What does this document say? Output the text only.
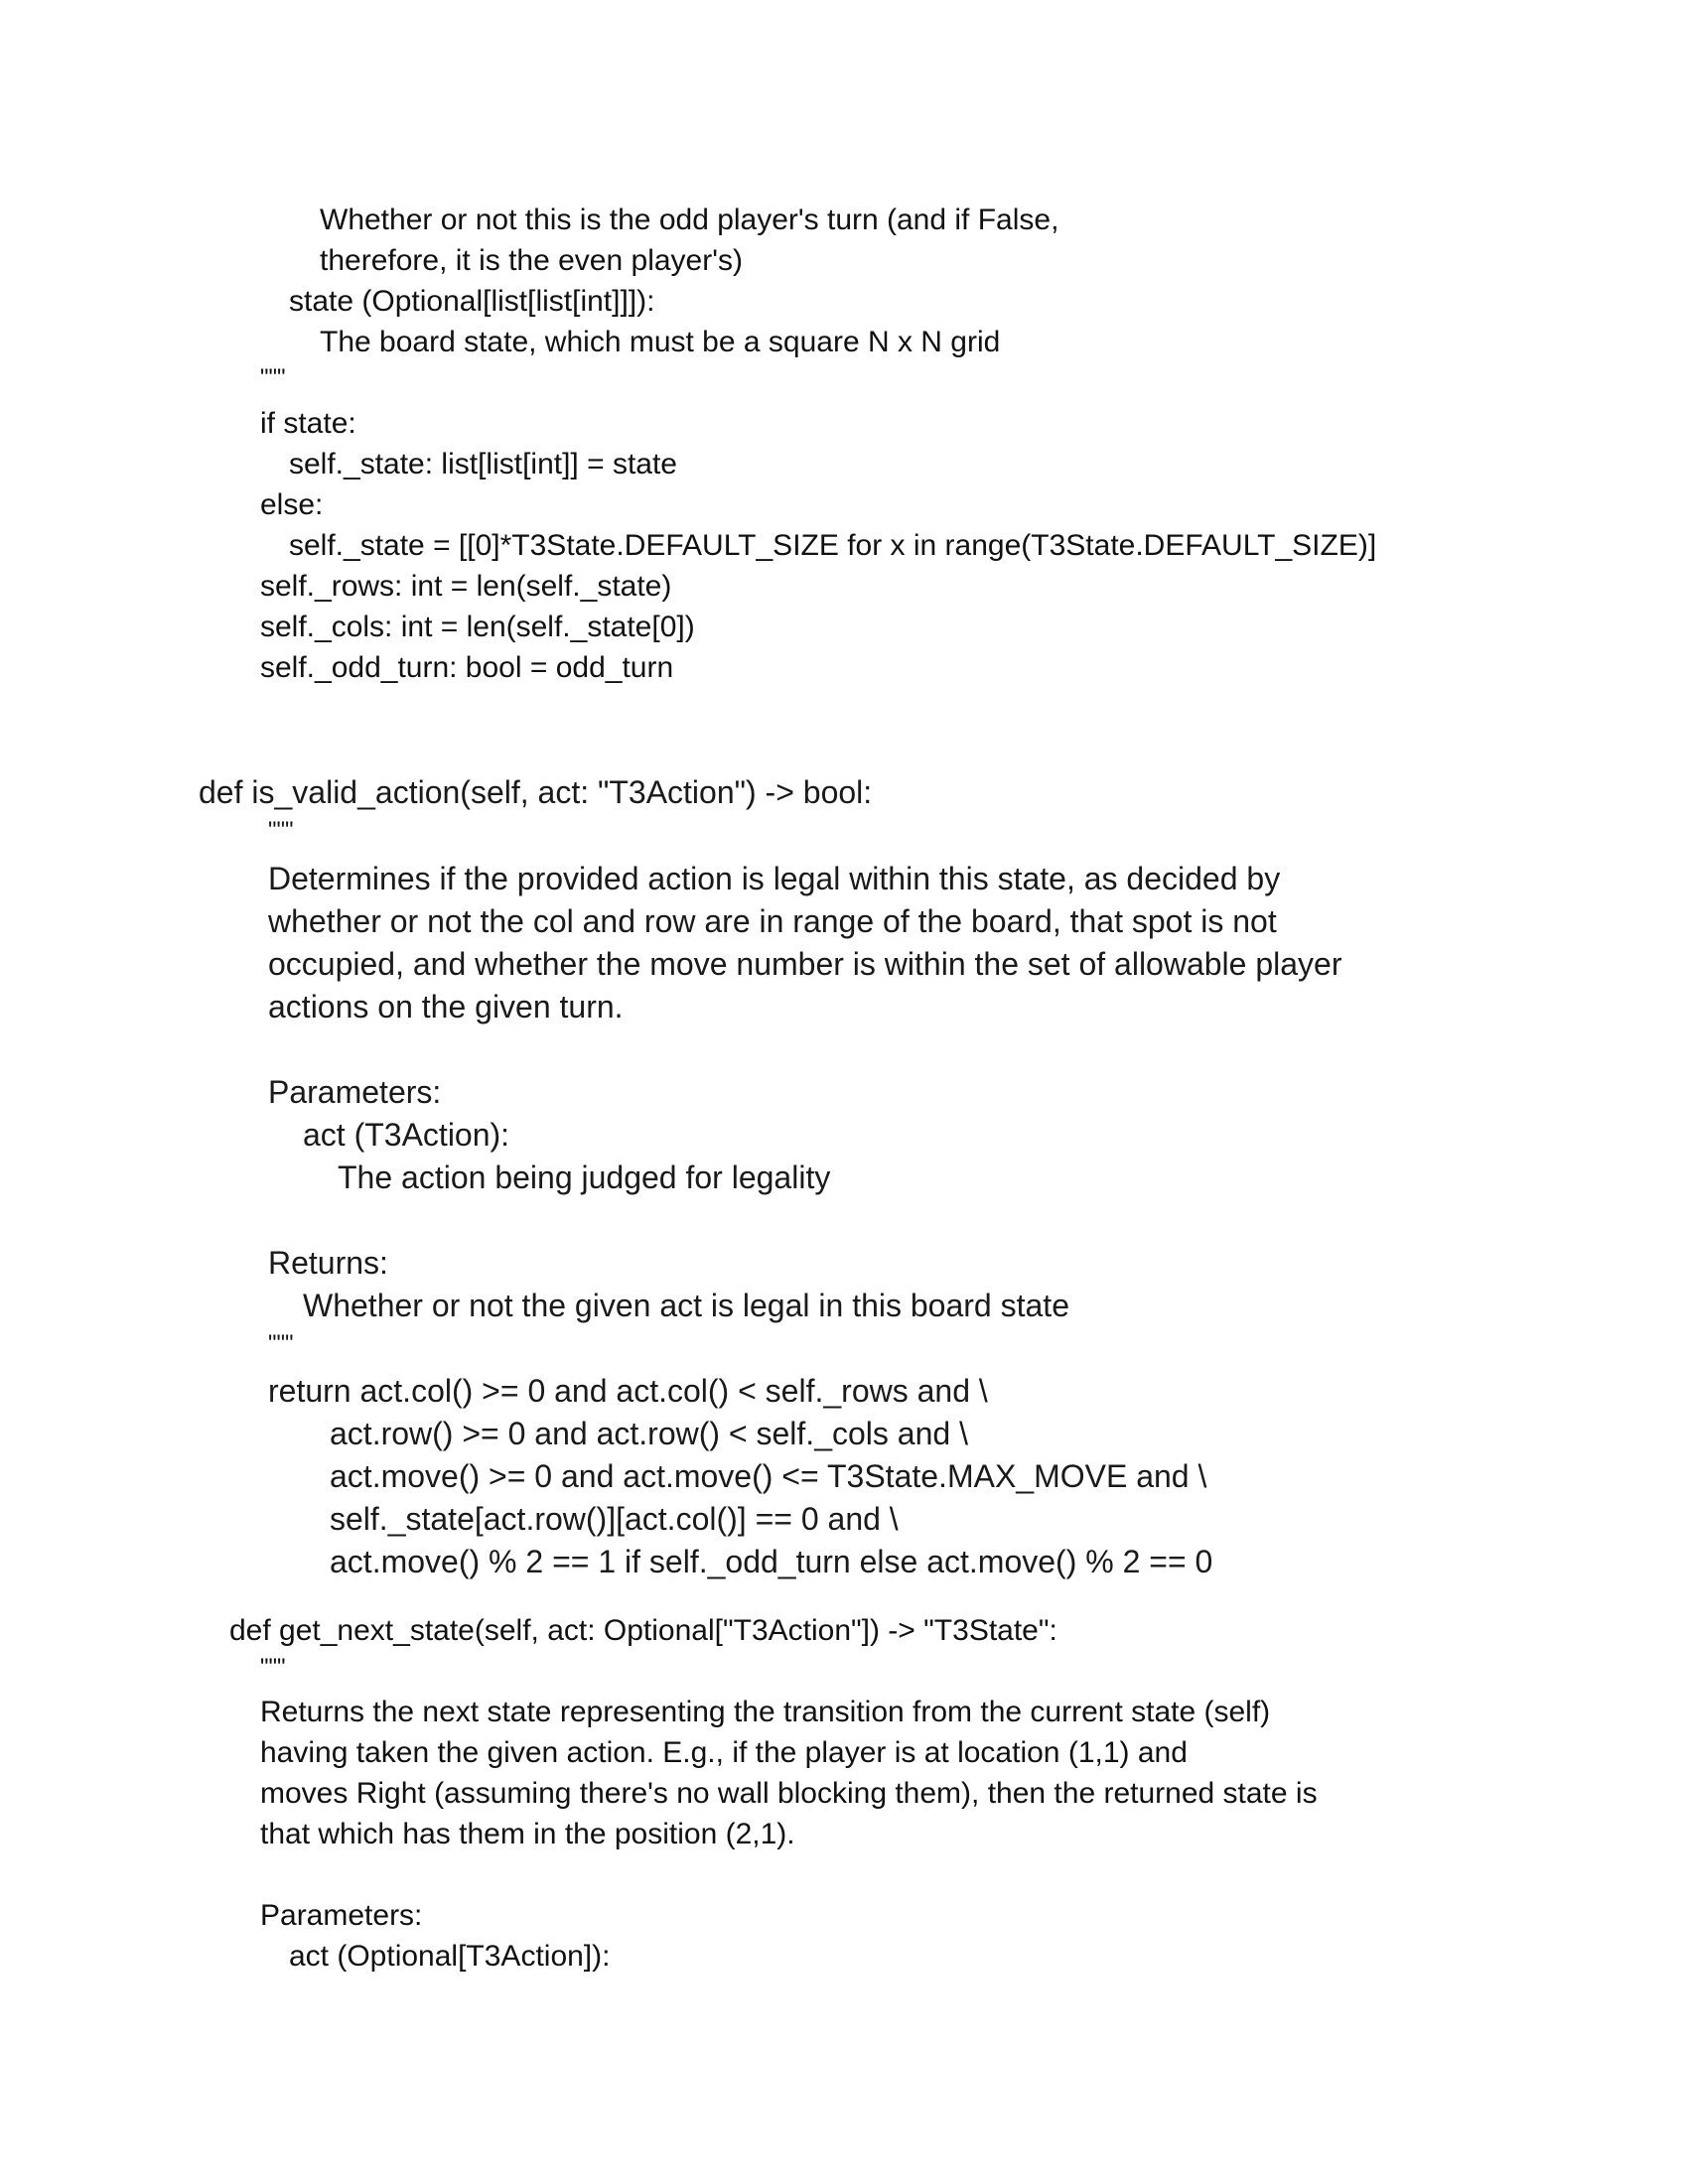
Whether or not this is the odd player's turn (and if False,

therefore, it is the even player's)

state (Optional[list[list[int]]]):

The board state, which must be a square N x N grid

"""

if state:

self._state: list[list[int]] = state

else:

self._state = [[0]*T3State.DEFAULT_SIZE for x in range(T3State.DEFAULT_SIZE)]

self._rows: int = len(self._state)

self._cols: int = len(self._state[0])

self._odd_turn: bool = odd_turn

def is_valid_action(self, act: "T3Action") -> bool:

"""

Determines if the provided action is legal within this state, as decided by

whether or not the col and row are in range of the board, that spot is not

occupied, and whether the move number is within the set of allowable player

actions on the given turn.

Parameters:

act (T3Action):

The action being judged for legality

Returns:

Whether or not the given act is legal in this board state

"""

return act.col() >= 0 and act.col() < self._rows and \

act.row() >= 0 and act.row() < self._cols and \

act.move() >= 0 and act.move() <= T3State.MAX_MOVE and \

self._state[act.row()][act.col()] == 0 and \

act.move() % 2 == 1 if self._odd_turn else act.move() % 2 == 0

def get_next_state(self, act: Optional["T3Action"]) -> "T3State":

"""

Returns the next state representing the transition from the current state (self)

having taken the given action. E.g., if the player is at location (1,1) and

moves Right (assuming there's no wall blocking them), then the returned state is

that which has them in the position (2,1).

Parameters:

act (Optional[T3Action]):
